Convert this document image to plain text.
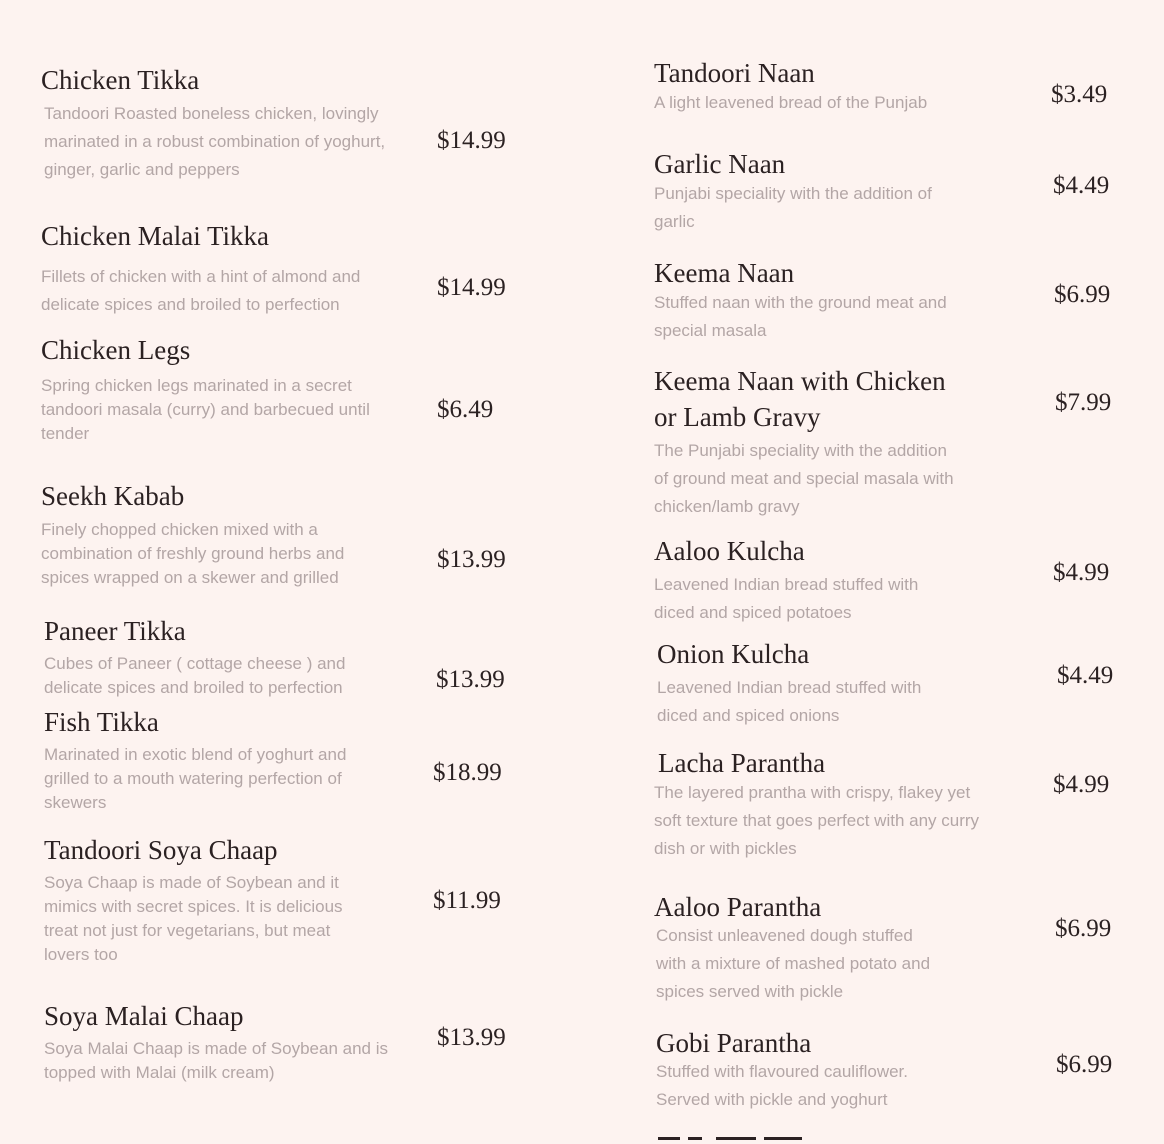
Chicken Tikka

Tandoori Roasted boneless chicken, lovingly marinated in a robust combination of yoghurt, ginger, garlic and peppers

$14.99
Chicken Malai Tikka

Fillets of chicken with a hint of almond and delicate spices and broiled to perfection

$14.99
Chicken Legs

Spring chicken legs marinated in a secret tandoori masala (curry) and barbecued until tender

$6.49
Seekh Kabab

Finely chopped chicken mixed with a combination of freshly ground herbs and spices wrapped on a skewer and grilled

$13.99
Paneer Tikka

Cubes of Paneer ( cottage cheese ) and delicate spices and broiled to perfection	$13.99
Fish Tikka

Marinated in exotic blend of yoghurt and grilled to a mouth watering perfection of skewers

$18.99
Tandoori Soya Chaap

Soya Chaap is made of Soybean and it mimics with secret spices. It is delicious treat not just for vegetarians, but meat lovers too

$11.99
Soya Malai Chaap

Soya Malai Chaap is made of Soybean and is topped with Malai (milk cream)

$13.99
Tandoori Naan

A light leavened bread of the Punjab	$3.49
Garlic Naan

Punjabi speciality with the addition of garlic

$4.49
Keema Naan

Stuffed naan with the ground meat and special masala

$6.99
Keema Naan with Chicken or Lamb Gravy

The Punjabi speciality with the addition of ground meat and special masala with chicken/lamb gravy

$7.99
Aaloo Kulcha

Leavened Indian bread stuffed with diced and spiced potatoes

$4.99
Onion Kulcha

Leavened Indian bread stuffed with diced and spiced onions

$4.49
Lacha Parantha

The layered prantha with crispy, flakey yet soft texture that goes perfect with any curry dish or with pickles

$4.99
Aaloo Parantha

Consist unleavened dough stuffed with a mixture of mashed potato and spices served with pickle

$6.99
Gobi Parantha

Stuffed with flavoured cauliflower. Served with pickle and yoghurt

$6.99
